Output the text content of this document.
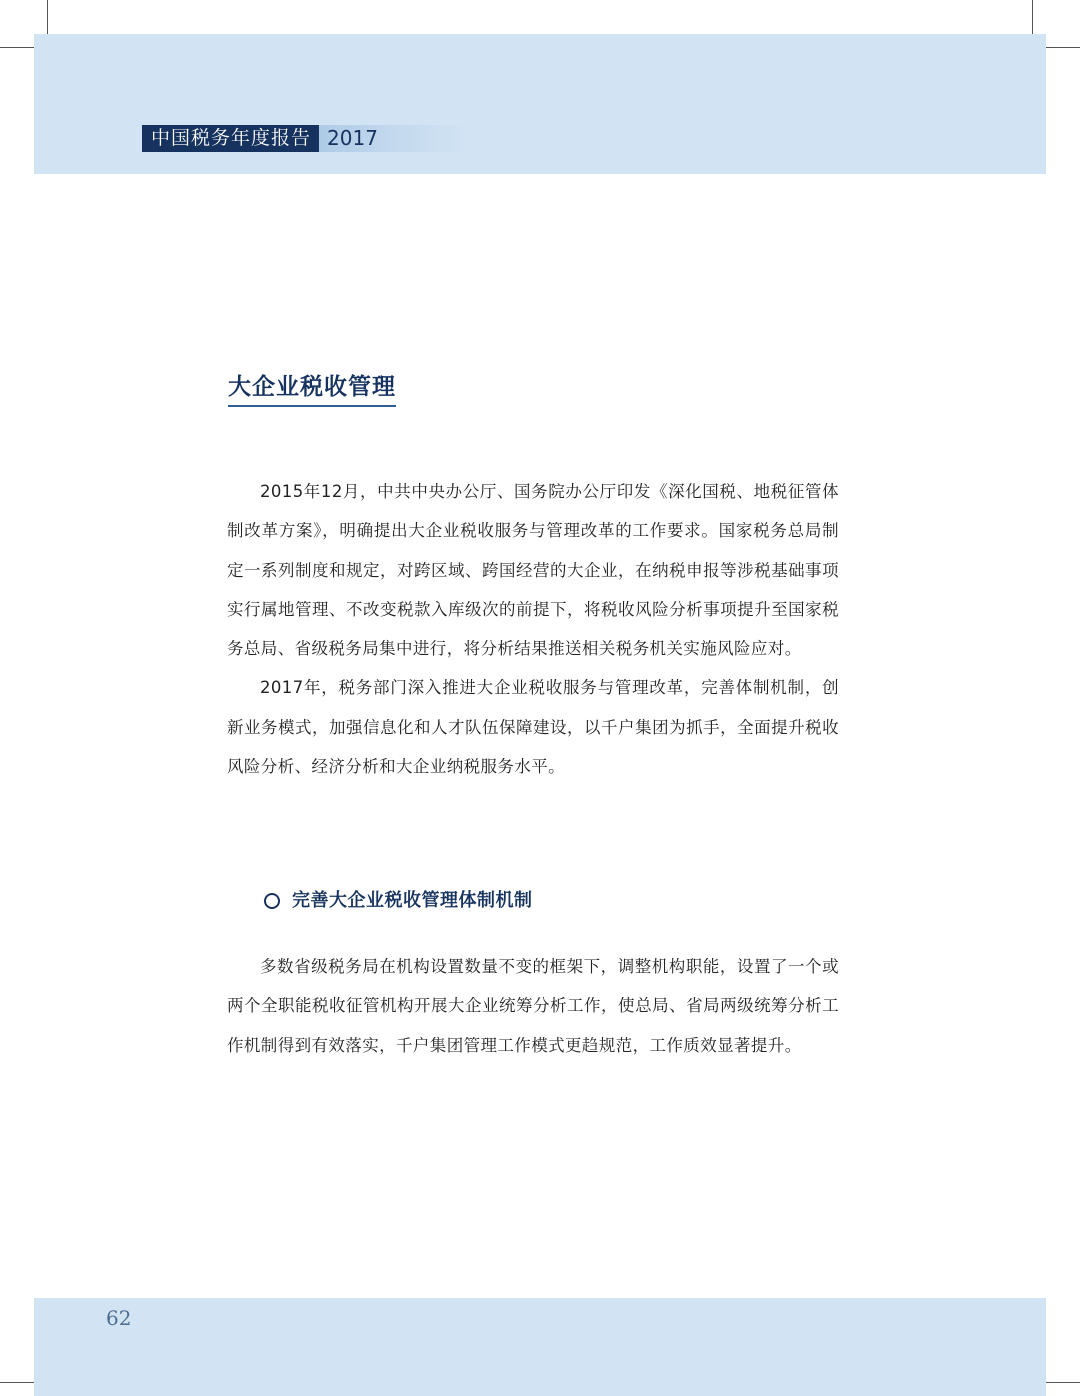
中国税务年度报告 2017
大企业税收管理

2015年12月，中共中央办公厅、国务院办公厅印发《深化国税、地税征管体制改革方案》，明确提出大企业税收服务与管理改革的工作要求。国家税务总局制定一系列制度和规定，对跨区域、跨国经营的大企业，在纳税申报等涉税基础事项实行属地管理、不改变税款入库级次的前提下，将税收风险分析事项提升至国家税务总局、省级税务局集中进行，将分析结果推送相关税务机关实施风险应对。

2017年，税务部门深入推进大企业税收服务与管理改革，完善体制机制，创新业务模式，加强信息化和人才队伍保障建设，以千户集团为抓手，全面提升税收风险分析、经济分析和大企业纳税服务水平。

完善大企业税收管理体制机制

多数省级税务局在机构设置数量不变的框架下，调整机构职能，设置了一个或两个全职能税收征管机构开展大企业统筹分析工作，使总局、省局两级统筹分析工作机制得到有效落实，千户集团管理工作模式更趋规范，工作质效显著提升。

62
